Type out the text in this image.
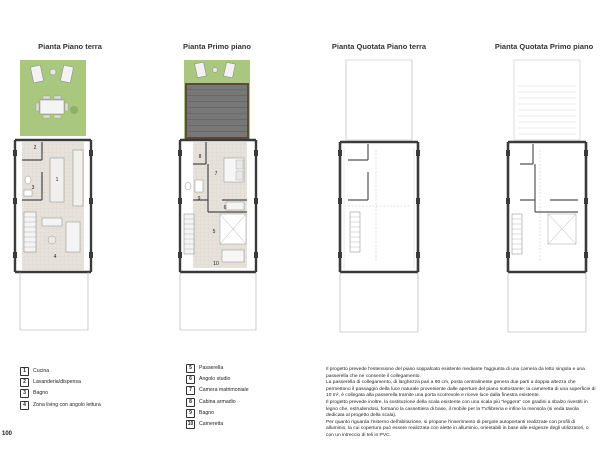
Pianta Piano terra	Pianta Primo piano	Pianta Quotata Piano terra	Pianta Quotata Primo piano
2
1
3
4
8
7
9
6
5
10
1	Cucina
2	Lavanderia/dispensa
3	Bagno
4	Zona living con angolo lettura
5	Passerella
6	Angolo studio
7	Camera matrimoniale
8	Cabina armadio
9	Bagno
10	Cameretta

Il progetto prevede l'estensione del piano soppalcato esistente mediante l'aggiunta di una camera da letto singola e una passerella che ne consente il collegamento.

La passerella di collegamento, di larghezza pari a 90 cm, posta centralmente genera due parti a doppia altezza che permettono il passaggio della luce naturale proveniente dalle aperture del piano sottostante; la cameretta di una superficie di 10 m², è collegata alla passerella tramite una porta scorrevole e riceve luce dalla finestra esistente.

Il progetto prevede inoltre, la sostituzione della scala esistente con una scala più "leggera" con gradini a sbalzo rivestiti in legno che, estrudendosi, formano la cassettiera di base, il mobile per la TV/libreria e infine la mensola (si veda tavola dedicata al progetto della scala).

Per quanto riguarda l'esterno dell'abitazione, si propone l'inserimento di pergole autoportanti realizzate con profili di alluminio, la cui copertura può essere realizzata con alette in alluminio, orientabili in base alle esigenze degli utilizzatori, o con un intreccio di teli in PVC.

100
